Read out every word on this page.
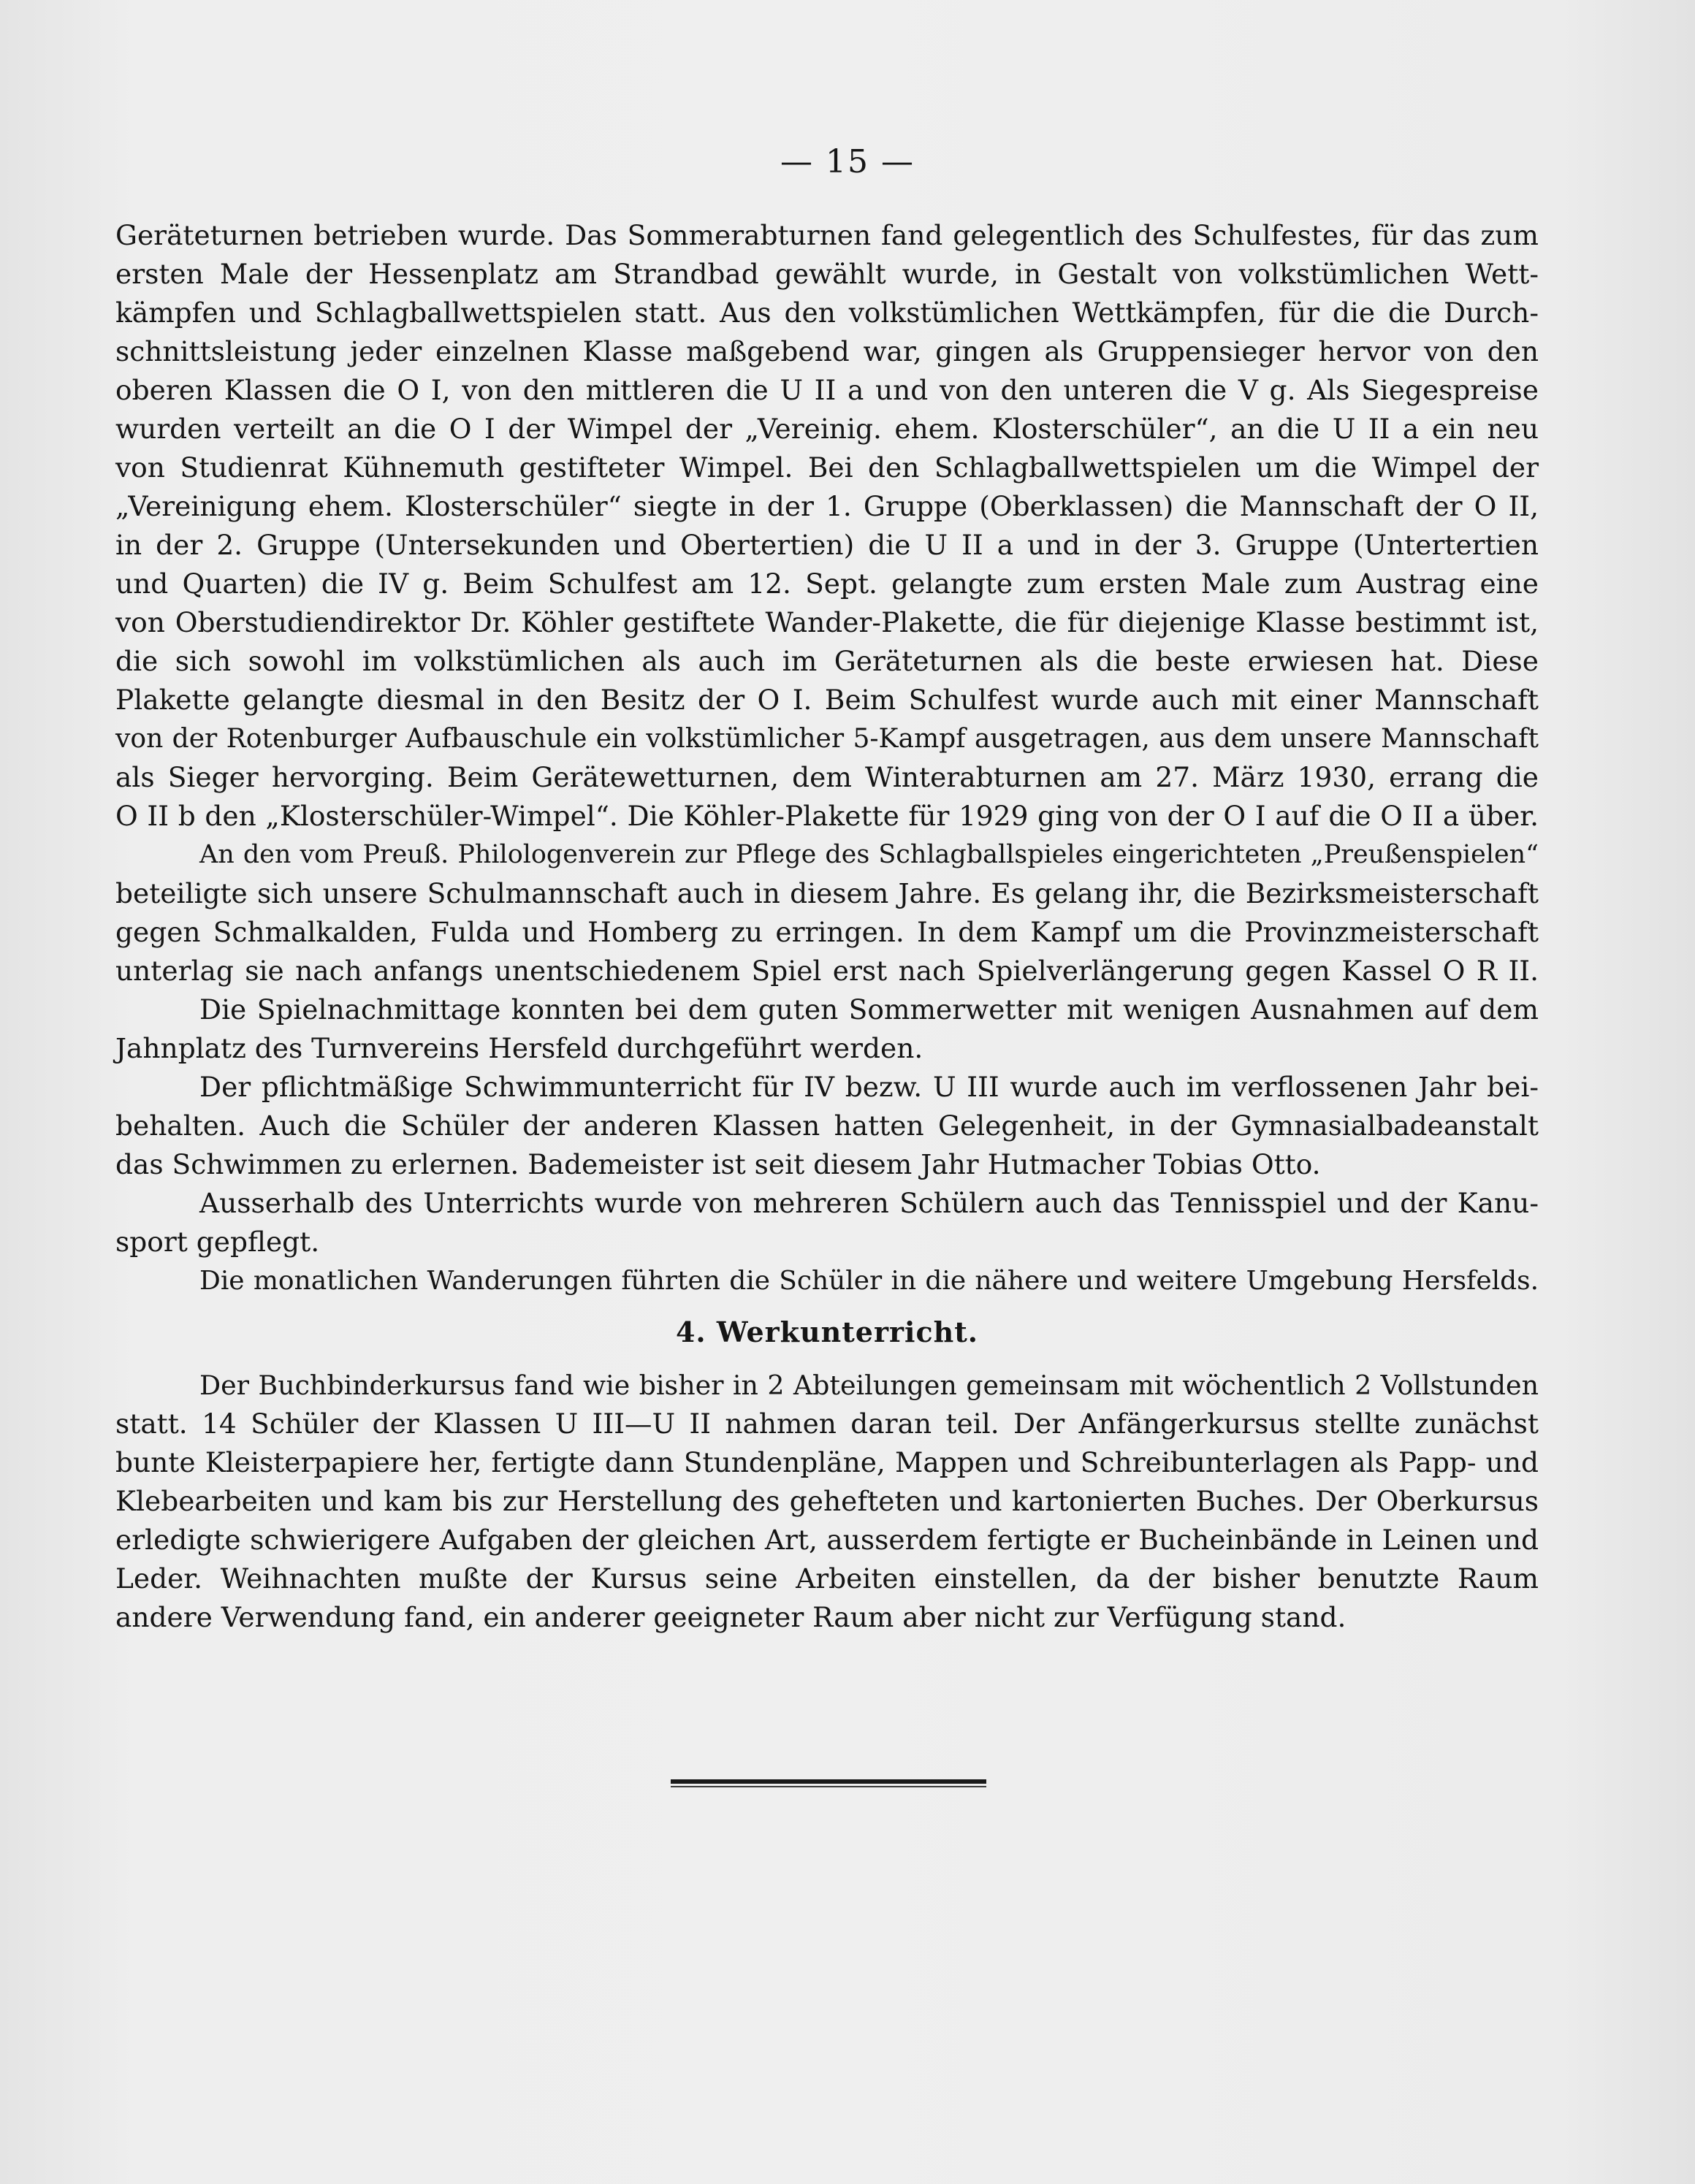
— 15 —
Geräteturnen betrieben wurde. Das Sommerabturnen fand gelegentlich des Schulfestes, für das zum
ersten Male der Hessenplatz am Strandbad gewählt wurde, in Gestalt von volkstümlichen Wett-
kämpfen und Schlagballwettspielen statt. Aus den volkstümlichen Wettkämpfen, für die die Durch-
schnittsleistung jeder einzelnen Klasse maßgebend war, gingen als Gruppensieger hervor von den
oberen Klassen die O I, von den mittleren die U II a und von den unteren die V g. Als Siegespreise
wurden verteilt an die O I der Wimpel der „Vereinig. ehem. Klosterschüler“, an die U II a ein neu
von Studienrat Kühnemuth gestifteter Wimpel. Bei den Schlagballwettspielen um die Wimpel der
„Vereinigung ehem. Klosterschüler“ siegte in der 1. Gruppe (Oberklassen) die Mannschaft der O II,
in der 2. Gruppe (Untersekunden und Obertertien) die U II a und in der 3. Gruppe (Untertertien
und Quarten) die IV g. Beim Schulfest am 12. Sept. gelangte zum ersten Male zum Austrag eine
von Oberstudiendirektor Dr. Köhler gestiftete Wander-Plakette, die für diejenige Klasse bestimmt ist,
die sich sowohl im volkstümlichen als auch im Geräteturnen als die beste erwiesen hat. Diese
Plakette gelangte diesmal in den Besitz der O I. Beim Schulfest wurde auch mit einer Mannschaft
von der Rotenburger Aufbauschule ein volkstümlicher 5-Kampf ausgetragen, aus dem unsere Mannschaft
als Sieger hervorging. Beim Gerätewetturnen, dem Winterabturnen am 27. März 1930, errang die
O II b den „Klosterschüler-Wimpel“. Die Köhler-Plakette für 1929 ging von der O I auf die O II a über.
An den vom Preuß. Philologenverein zur Pflege des Schlagballspieles eingerichteten „Preußenspielen“
beteiligte sich unsere Schulmannschaft auch in diesem Jahre. Es gelang ihr, die Bezirksmeisterschaft
gegen Schmalkalden, Fulda und Homberg zu erringen. In dem Kampf um die Provinzmeisterschaft
unterlag sie nach anfangs unentschiedenem Spiel erst nach Spielverlängerung gegen Kassel O R II.
Die Spielnachmittage konnten bei dem guten Sommerwetter mit wenigen Ausnahmen auf dem
Jahnplatz des Turnvereins Hersfeld durchgeführt werden.
Der pflichtmäßige Schwimmunterricht für IV bezw. U III wurde auch im verflossenen Jahr bei-
behalten. Auch die Schüler der anderen Klassen hatten Gelegenheit, in der Gymnasialbadeanstalt
das Schwimmen zu erlernen. Bademeister ist seit diesem Jahr Hutmacher Tobias Otto.
Ausserhalb des Unterrichts wurde von mehreren Schülern auch das Tennisspiel und der Kanu-
sport gepflegt.
Die monatlichen Wanderungen führten die Schüler in die nähere und weitere Umgebung Hersfelds.
4. Werkunterricht.
Der Buchbinderkursus fand wie bisher in 2 Abteilungen gemeinsam mit wöchentlich 2 Vollstunden
statt. 14 Schüler der Klassen U III—U II nahmen daran teil. Der Anfängerkursus stellte zunächst
bunte Kleisterpapiere her, fertigte dann Stundenpläne, Mappen und Schreibunterlagen als Papp- und
Klebearbeiten und kam bis zur Herstellung des gehefteten und kartonierten Buches. Der Oberkursus
erledigte schwierigere Aufgaben der gleichen Art, ausserdem fertigte er Bucheinbände in Leinen und
Leder. Weihnachten mußte der Kursus seine Arbeiten einstellen, da der bisher benutzte Raum
andere Verwendung fand, ein anderer geeigneter Raum aber nicht zur Verfügung stand.
